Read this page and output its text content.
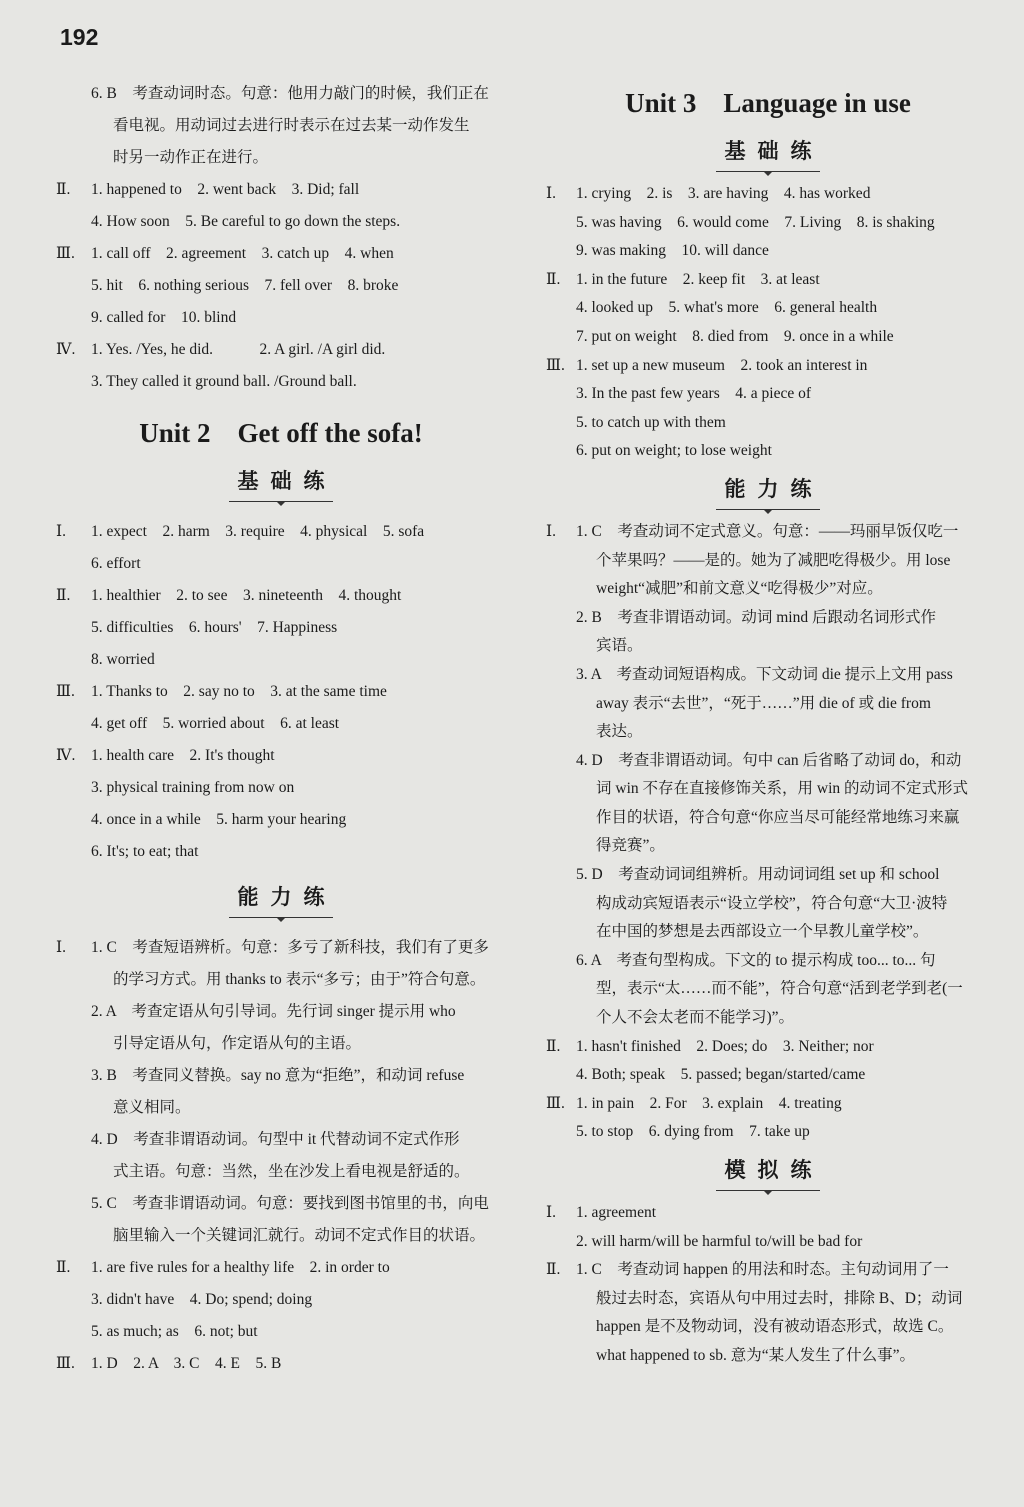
192
6. B　考查动词时态。句意：他用力敲门的时候，我们正在
看电视。用动词过去进行时表示在过去某一动作发生
时另一动作正在进行。
Ⅱ. 1. happened to　2. went back　3. Did; fall
4. How soon　5. Be careful to go down the steps.
Ⅲ. 1. call off　2. agreement　3. catch up　4. when
5. hit　6. nothing serious　7. fell over　8. broke
9. called for　10. blind
Ⅳ. 1. Yes. /Yes, he did.　　　2. A girl. /A girl did.
3. They called it ground ball. /Ground ball.
Unit 2　Get off the sofa!
基础练
Ⅰ. 1. expect　2. harm　3. require　4. physical　5. sofa
6. effort
Ⅱ. 1. healthier　2. to see　3. nineteenth　4. thought
5. difficulties　6. hours'　7. Happiness
8. worried
Ⅲ. 1. Thanks to　2. say no to　3. at the same time
4. get off　5. worried about　6. at least
Ⅳ. 1. health care　2. It's thought
3. physical training from now on
4. once in a while　5. harm your hearing
6. It's; to eat; that
能力练
Ⅰ. 1. C　考查短语辨析。句意：多亏了新科技，我们有了更多
的学习方式。用 thanks to 表示“多亏；由于”符合句意。
2. A　考查定语从句引导词。先行词 singer 提示用 who
引导定语从句，作定语从句的主语。
3. B　考查同义替换。say no 意为“拒绝”，和动词 refuse
意义相同。
4. D　考查非谓语动词。句型中 it 代替动词不定式作形
式主语。句意：当然，坐在沙发上看电视是舒适的。
5. C　考查非谓语动词。句意：要找到图书馆里的书，向电
脑里输入一个关键词汇就行。动词不定式作目的状语。
Ⅱ. 1. are five rules for a healthy life　2. in order to
3. didn't have　4. Do; spend; doing
5. as much; as　6. not; but
Ⅲ. 1. D　2. A　3. C　4. E　5. B
Unit 3　Language in use
基础练
Ⅰ. 1. crying　2. is　3. are having　4. has worked
5. was having　6. would come　7. Living　8. is shaking
9. was making　10. will dance
Ⅱ. 1. in the future　2. keep fit　3. at least
4. looked up　5. what's more　6. general health
7. put on weight　8. died from　9. once in a while
Ⅲ. 1. set up a new museum　2. took an interest in
3. In the past few years　4. a piece of
5. to catch up with them
6. put on weight; to lose weight
能力练
Ⅰ. 1. C　考查动词不定式意义。句意：——玛丽早饭仅吃一
个苹果吗？——是的。她为了减肥吃得极少。用 lose
weight“减肥”和前文意义“吃得极少”对应。
2. B　考查非谓语动词。动词 mind 后跟动名词形式作
宾语。
3. A　考查动词短语构成。下文动词 die 提示上文用 pass
away 表示“去世”，“死于……”用 die of 或 die from
表达。
4. D　考查非谓语动词。句中 can 后省略了动词 do，和动
词 win 不存在直接修饰关系，用 win 的动词不定式形式
作目的状语，符合句意“你应当尽可能经常地练习来赢
得竞赛”。
5. D　考查动词词组辨析。用动词词组 set up 和 school
构成动宾短语表示“设立学校”，符合句意“大卫·波特
在中国的梦想是去西部设立一个早教儿童学校”。
6. A　考查句型构成。下文的 to 提示构成 too... to... 句
型，表示“太……而不能”，符合句意“活到老学到老(一
个人不会太老而不能学习)”。
Ⅱ. 1. hasn't finished　2. Does; do　3. Neither; nor
4. Both; speak　5. passed; began/started/came
Ⅲ. 1. in pain　2. For　3. explain　4. treating
5. to stop　6. dying from　7. take up
模拟练
Ⅰ. 1. agreement
2. will harm/will be harmful to/will be bad for
Ⅱ. 1. C　考查动词 happen 的用法和时态。主句动词用了一
般过去时态，宾语从句中用过去时，排除 B、D；动词
happen 是不及物动词，没有被动语态形式，故选 C。
what happened to sb. 意为“某人发生了什么事”。
